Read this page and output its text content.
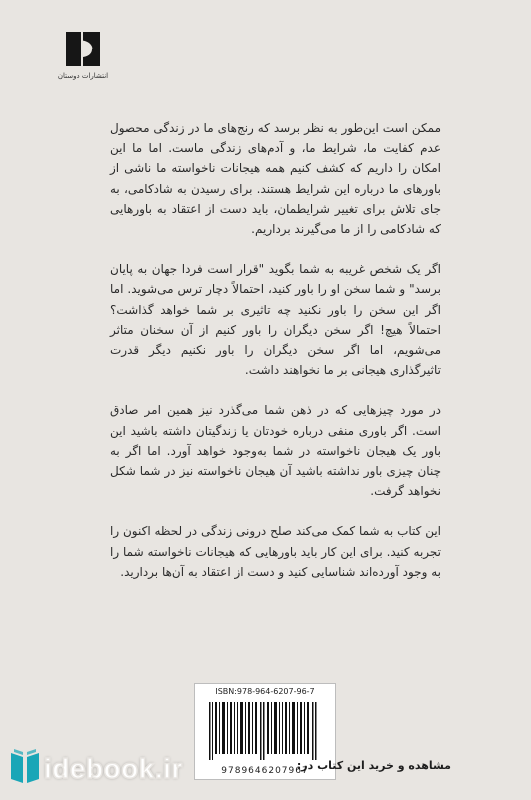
انتشارات دوستان

ممکن است این‌طور به نظر برسد که رنج‌های ما در زندگی محصول عدم کفایت ما، شرایط ما، و آدم‌های زندگی ماست. اما ما این امکان را داریم که کشف کنیم همه هیجانات ناخواسته ما ناشی از باورهای ما درباره این شرایط هستند. برای رسیدن به شادکامی، به جای تلاش برای تغییر شرایطمان، باید دست از اعتقاد به باورهایی که شادکامی را از ما می‌گیرند برداریم.

اگر یک شخص غریبه به شما بگوید "قرار است فردا جهان به پایان برسد" و شما سخن او را باور کنید، احتمالاً دچار ترس می‌شوید. اما اگر این سخن را باور نکنید چه تاثیری بر شما خواهد گذاشت؟ احتمالاً هیچ! اگر سخن دیگران را باور کنیم از آن سخنان متاثر می‌شویم، اما اگر سخن دیگران را باور نکنیم دیگر قدرت تاثیرگذاری هیجانی بر ما نخواهند داشت.

در مورد چیزهایی که در ذهن شما می‌گذرد نیز همین امر صادق است. اگر باوری منفی درباره خودتان یا زندگیتان داشته باشید این باور یک هیجان ناخواسته در شما به‌وجود خواهد آورد. اما اگر به چنان چیزی باور نداشته باشید آن هیجان ناخواسته نیز در شما شکل نخواهد گرفت.

این کتاب به شما کمک می‌کند صلح درونی زندگی در لحظه اکنون را تجربه کنید. برای این کار باید باورهایی که هیجانات ناخواسته شما را به وجود آورده‌اند شناسایی کنید و دست از اعتقاد به آن‌ها بردارید.

ISBN:978-964-6207-96-7
9789646207967
idebook.ir	مشاهده و خرید این کتاب در:
